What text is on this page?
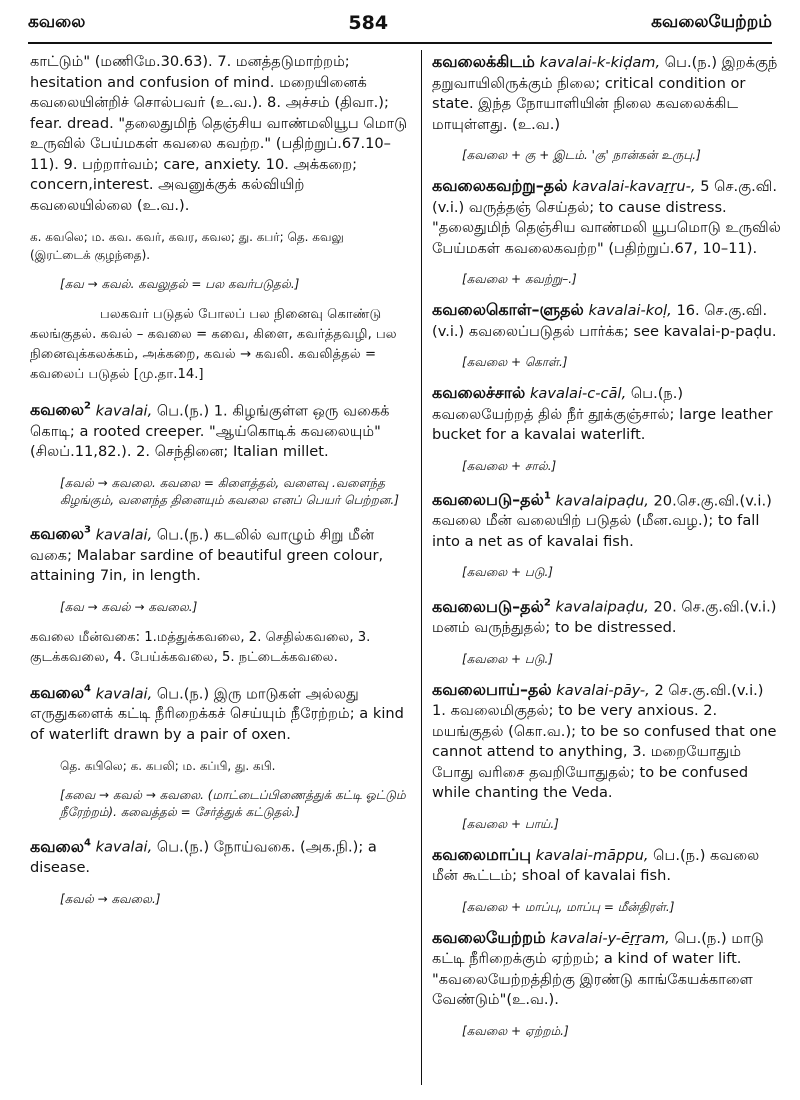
கவலை	584	கவலையேற்றம்

காட்டும்" (மணிமே.30.63). 7. மனத்தடுமாற்றம்; hesitation and confusion of mind. மறையினைக் கவலையின்றிச் சொல்பவர் (உ.வ.). 8. அச்சம் (திவா.); fear. dread. "தலைதுமிந் தெஞ்சிய வாண்மலியூப மொடு உருவில் பேய்மகள் கவலை கவற்ற." (பதிற்றுப்.67.10–11). 9. பற்றார்வம்; care, anxiety. 10. அக்கறை; concern,interest. அவனுக்குக் கல்வியிற் கவலையில்லை (உ.வ.).

க. கவலெ; ம. கவ. கவர், கவர, கவல; து. கபர்; தெ. கவலு (இரட்டைக் குழந்தை).

[கவ → கவல். கவலுதல் = பல கவர்படுதல்.]

பலகவர் படுதல் போலப் பல நினைவு கொண்டு கலங்குதல். கவல் – கவலை = கவை, கிளை, கவர்த்தவழி, பல நினைவுக்கலக்கம், அக்கறை, கவல் → கவலி. கவலித்தல் = கவலைப் படுதல் [மு.தா.14.]

கவலை$^2$ kavalai, பெ.(ந.) 1. கிழங்குள்ள ஒரு வகைக் கொடி; a rooted creeper. "ஆய்கொடிக் கவலையும்" (சிலப்.11,82.). 2. செந்தினை; Italian millet.

[கவல் → கவலை. கவலை = கிளைத்தல், வளைவு .வளைந்த கிழங்கும், வளைந்த தினையும் கவலை எனப் பெயர் பெற்றன.]

கவலை$^3$ kavalai, பெ.(ந.) கடலில் வாழும் சிறு மீன் வகை; Malabar sardine of beautiful green colour, attaining 7in, in length.

[கவ → கவல் → கவலை.]

கவலை மீன்வகை: 1.மத்துக்கவலை, 2. செதில்கவலை, 3. குடக்கவலை, 4. பேய்க்கவலை, 5. நட்டைக்கவலை.

கவலை$^4$ kavalai, பெ.(ந.) இரு மாடுகள் அல்லது எருதுகளைக் கட்டி நீரிறைக்கச் செய்யும் நீரேற்றம்; a kind of waterlift drawn by a pair of oxen.

தெ. கபிலெ; க. கபலி; ம. கப்பி, து. கபி.

[கவை → கவல் → கவலை. (மாட்டைப்பிணைத்துக் கட்டி ஓட்டும் நீரேற்றம்). கவைத்தல் = சேர்த்துக் கட்டுதல்.]

கவலை$^4$ kavalai, பெ.(ந.) நோய்வகை. (அக.நி.); a disease.

[கவல் → கவலை.]

கவலைக்கிடம் kavalai-k-kiḍam, பெ.(ந.) இறக்குந் தறுவாயிலிருக்கும் நிலை; critical condition or state. இந்த நோயாளியின் நிலை கவலைக்கிட மாயுள்ளது. (உ.வ.)

[கவலை + கு + இடம். 'கு' நான்கன் உருபு.]

கவலைகவற்று–தல் kavalai-kavaṟṟu-, 5 செ.கு.வி. (v.i.) வருத்தஞ் செய்தல்; to cause distress. "தலைதுமிந் தெஞ்சிய வாண்மலி யூபமொடு உருவில் பேய்மகள் கவலைகவற்ற" (பதிற்றுப்.67, 10–11).

[கவலை + கவற்று–.]

கவலைகொள்–ளுதல் kavalai-koḷ, 16. செ.கு.வி.(v.i.) கவலைப்படுதல் பார்க்க; see kavalai-p-paḍu.

[கவலை + கொள்.]

கவலைச்சால் kavalai-c-cāl, பெ.(ந.) கவலையேற்றத் தில் நீர் தூக்குஞ்சால்; large leather bucket for a kavalai waterlift.

[கவலை + சால்.]

கவலைபடு–தல்$^1$ kavalaipaḍu, 20.செ.கு.வி.(v.i.) கவலை மீன் வலையிற் படுதல் (மீன.வழ.); to fall into a net as of kavalai fish.

[கவலை + படு.]

கவலைபடு–தல்$^2$ kavalaipaḍu, 20. செ.கு.வி.(v.i.) மனம் வருந்துதல்; to be distressed.

[கவலை + படு.]

கவலைபாய்–தல் kavalai-pāy-, 2 செ.கு.வி.(v.i.) 1. கவலைமிகுதல்; to be very anxious. 2. மயங்குதல் (கொ.வ.); to be so confused that one cannot attend to anything, 3. மறையோதும் போது வரிசை தவறியோதுதல்; to be confused while chanting the Veda.

[கவலை + பாய்.]

கவலைமாப்பு kavalai-māppu, பெ.(ந.) கவலை மீன் கூட்டம்; shoal of kavalai fish.

[கவலை + மாப்பு, மாப்பு = மீன்திரள்.]

கவலையேற்றம் kavalai-y-ēṟṟam, பெ.(ந.) மாடு கட்டி நீரிறைக்கும் ஏற்றம்; a kind of water lift. "கவலையேற்றத்திற்கு இரண்டு காங்கேயக்காளை வேண்டும்"(உ.வ.).

[கவலை + ஏற்றம்.]
